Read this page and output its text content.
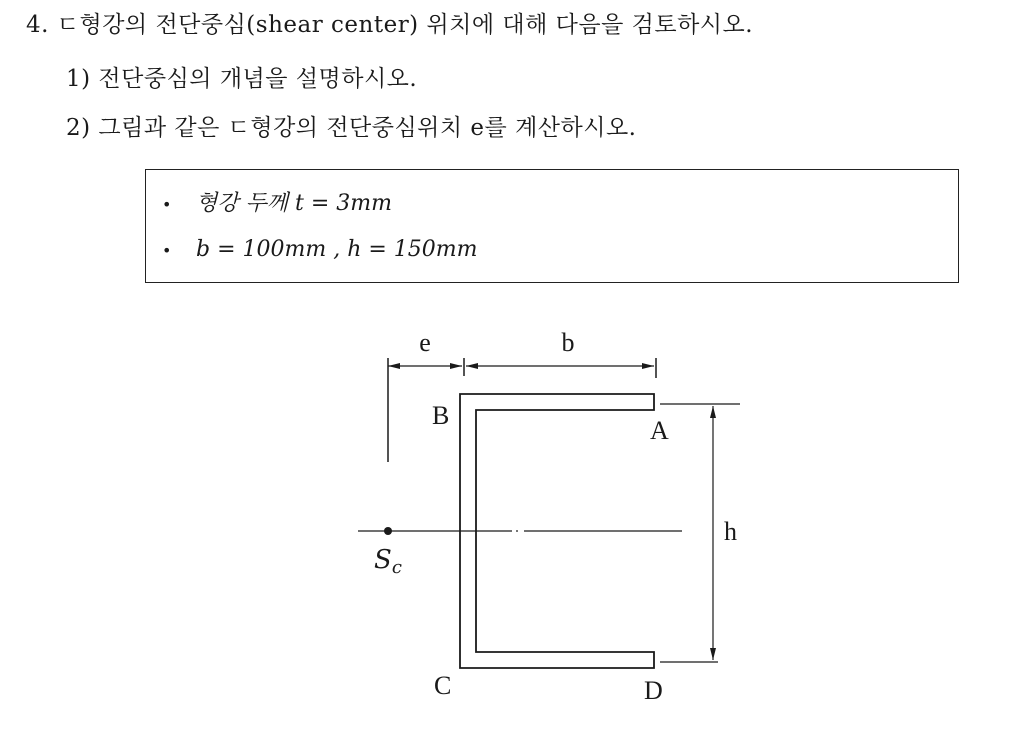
4. ㄷ형강의 전단중심(shear center) 위치에 대해 다음을 검토하시오.
1) 전단중심의 개념을 설명하시오.
2) 그림과 같은 ㄷ형강의 전단중심위치 e를 계산하시오.
• 형강 두께 t = 3mm
• b = 100mm , h = 150mm
e	b
h
Sc
B
A
C	D
